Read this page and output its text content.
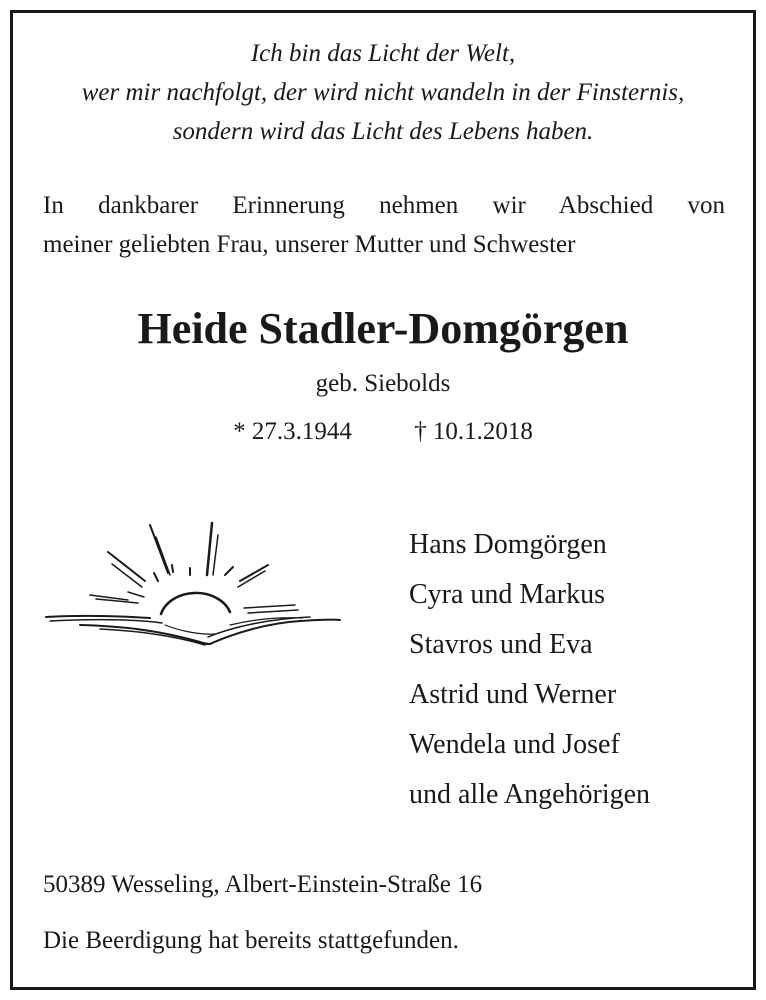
Ich bin das Licht der Welt,
wer mir nachfolgt, der wird nicht wandeln in der Finsternis,
sondern wird das Licht des Lebens haben.
In dankbarer Erinnerung nehmen wir Abschied von
meiner geliebten Frau, unserer Mutter und Schwester
Heide Stadler-Domgörgen
geb. Siebolds
* 27.3.1944 † 10.1.2018
Hans Domgörgen
Cyra und Markus
Stavros und Eva
Astrid und Werner
Wendela und Josef
und alle Angehörigen
50389 Wesseling, Albert-Einstein-Straße 16
Die Beerdigung hat bereits stattgefunden.
